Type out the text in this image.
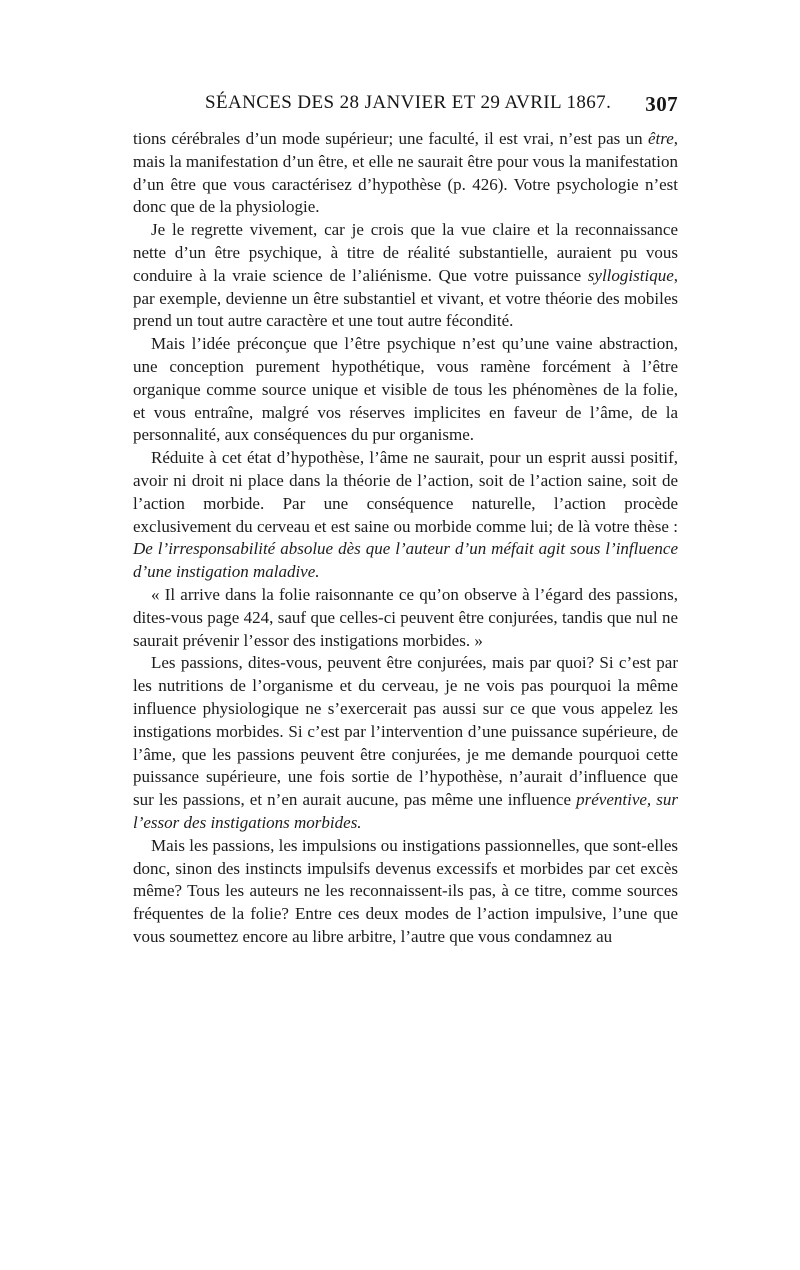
SÉANCES DES 28 JANVIER ET 29 AVRIL 1867. 307

tions cérébrales d’un mode supérieur; une faculté, il est vrai, n’est pas un être, mais la manifestation d’un être, et elle ne saurait être pour vous la manifestation d’un être que vous caractérisez d’hypothèse (p. 426). Votre psychologie n’est donc que de la physiologie.

Je le regrette vivement, car je crois que la vue claire et la reconnaissance nette d’un être psychique, à titre de réalité substantielle, auraient pu vous conduire à la vraie science de l’aliénisme. Que votre puissance syllogistique, par exemple, devienne un être substantiel et vivant, et votre théorie des mobiles prend un tout autre caractère et une tout autre fécondité.

Mais l’idée préconçue que l’être psychique n’est qu’une vaine abstraction, une conception purement hypothétique, vous ramène forcément à l’être organique comme source unique et visible de tous les phénomènes de la folie, et vous entraîne, malgré vos réserves implicites en faveur de l’âme, de la personnalité, aux conséquences du pur organisme.

Réduite à cet état d’hypothèse, l’âme ne saurait, pour un esprit aussi positif, avoir ni droit ni place dans la théorie de l’action, soit de l’action saine, soit de l’action morbide. Par une conséquence naturelle, l’action procède exclusivement du cerveau et est saine ou morbide comme lui; de là votre thèse : De l’irresponsabilité absolue dès que l’auteur d’un méfait agit sous l’influence d’une instigation maladive.

« Il arrive dans la folie raisonnante ce qu’on observe à l’égard des passions, dites-vous page 424, sauf que celles-ci peuvent être conjurées, tandis que nul ne saurait prévenir l’essor des instigations morbides. »

Les passions, dites-vous, peuvent être conjurées, mais par quoi? Si c’est par les nutritions de l’organisme et du cerveau, je ne vois pas pourquoi la même influence physiologique ne s’exercerait pas aussi sur ce que vous appelez les instigations morbides. Si c’est par l’intervention d’une puissance supérieure, de l’âme, que les passions peuvent être conjurées, je me demande pourquoi cette puissance supérieure, une fois sortie de l’hypothèse, n’aurait d’influence que sur les passions, et n’en aurait aucune, pas même une influence préventive, sur l’essor des instigations morbides.

Mais les passions, les impulsions ou instigations passionnelles, que sont-elles donc, sinon des instincts impulsifs devenus excessifs et morbides par cet excès même? Tous les auteurs ne les reconnaissent-ils pas, à ce titre, comme sources fréquentes de la folie? Entre ces deux modes de l’action impulsive, l’une que vous soumettez encore au libre arbitre, l’autre que vous condamnez au
